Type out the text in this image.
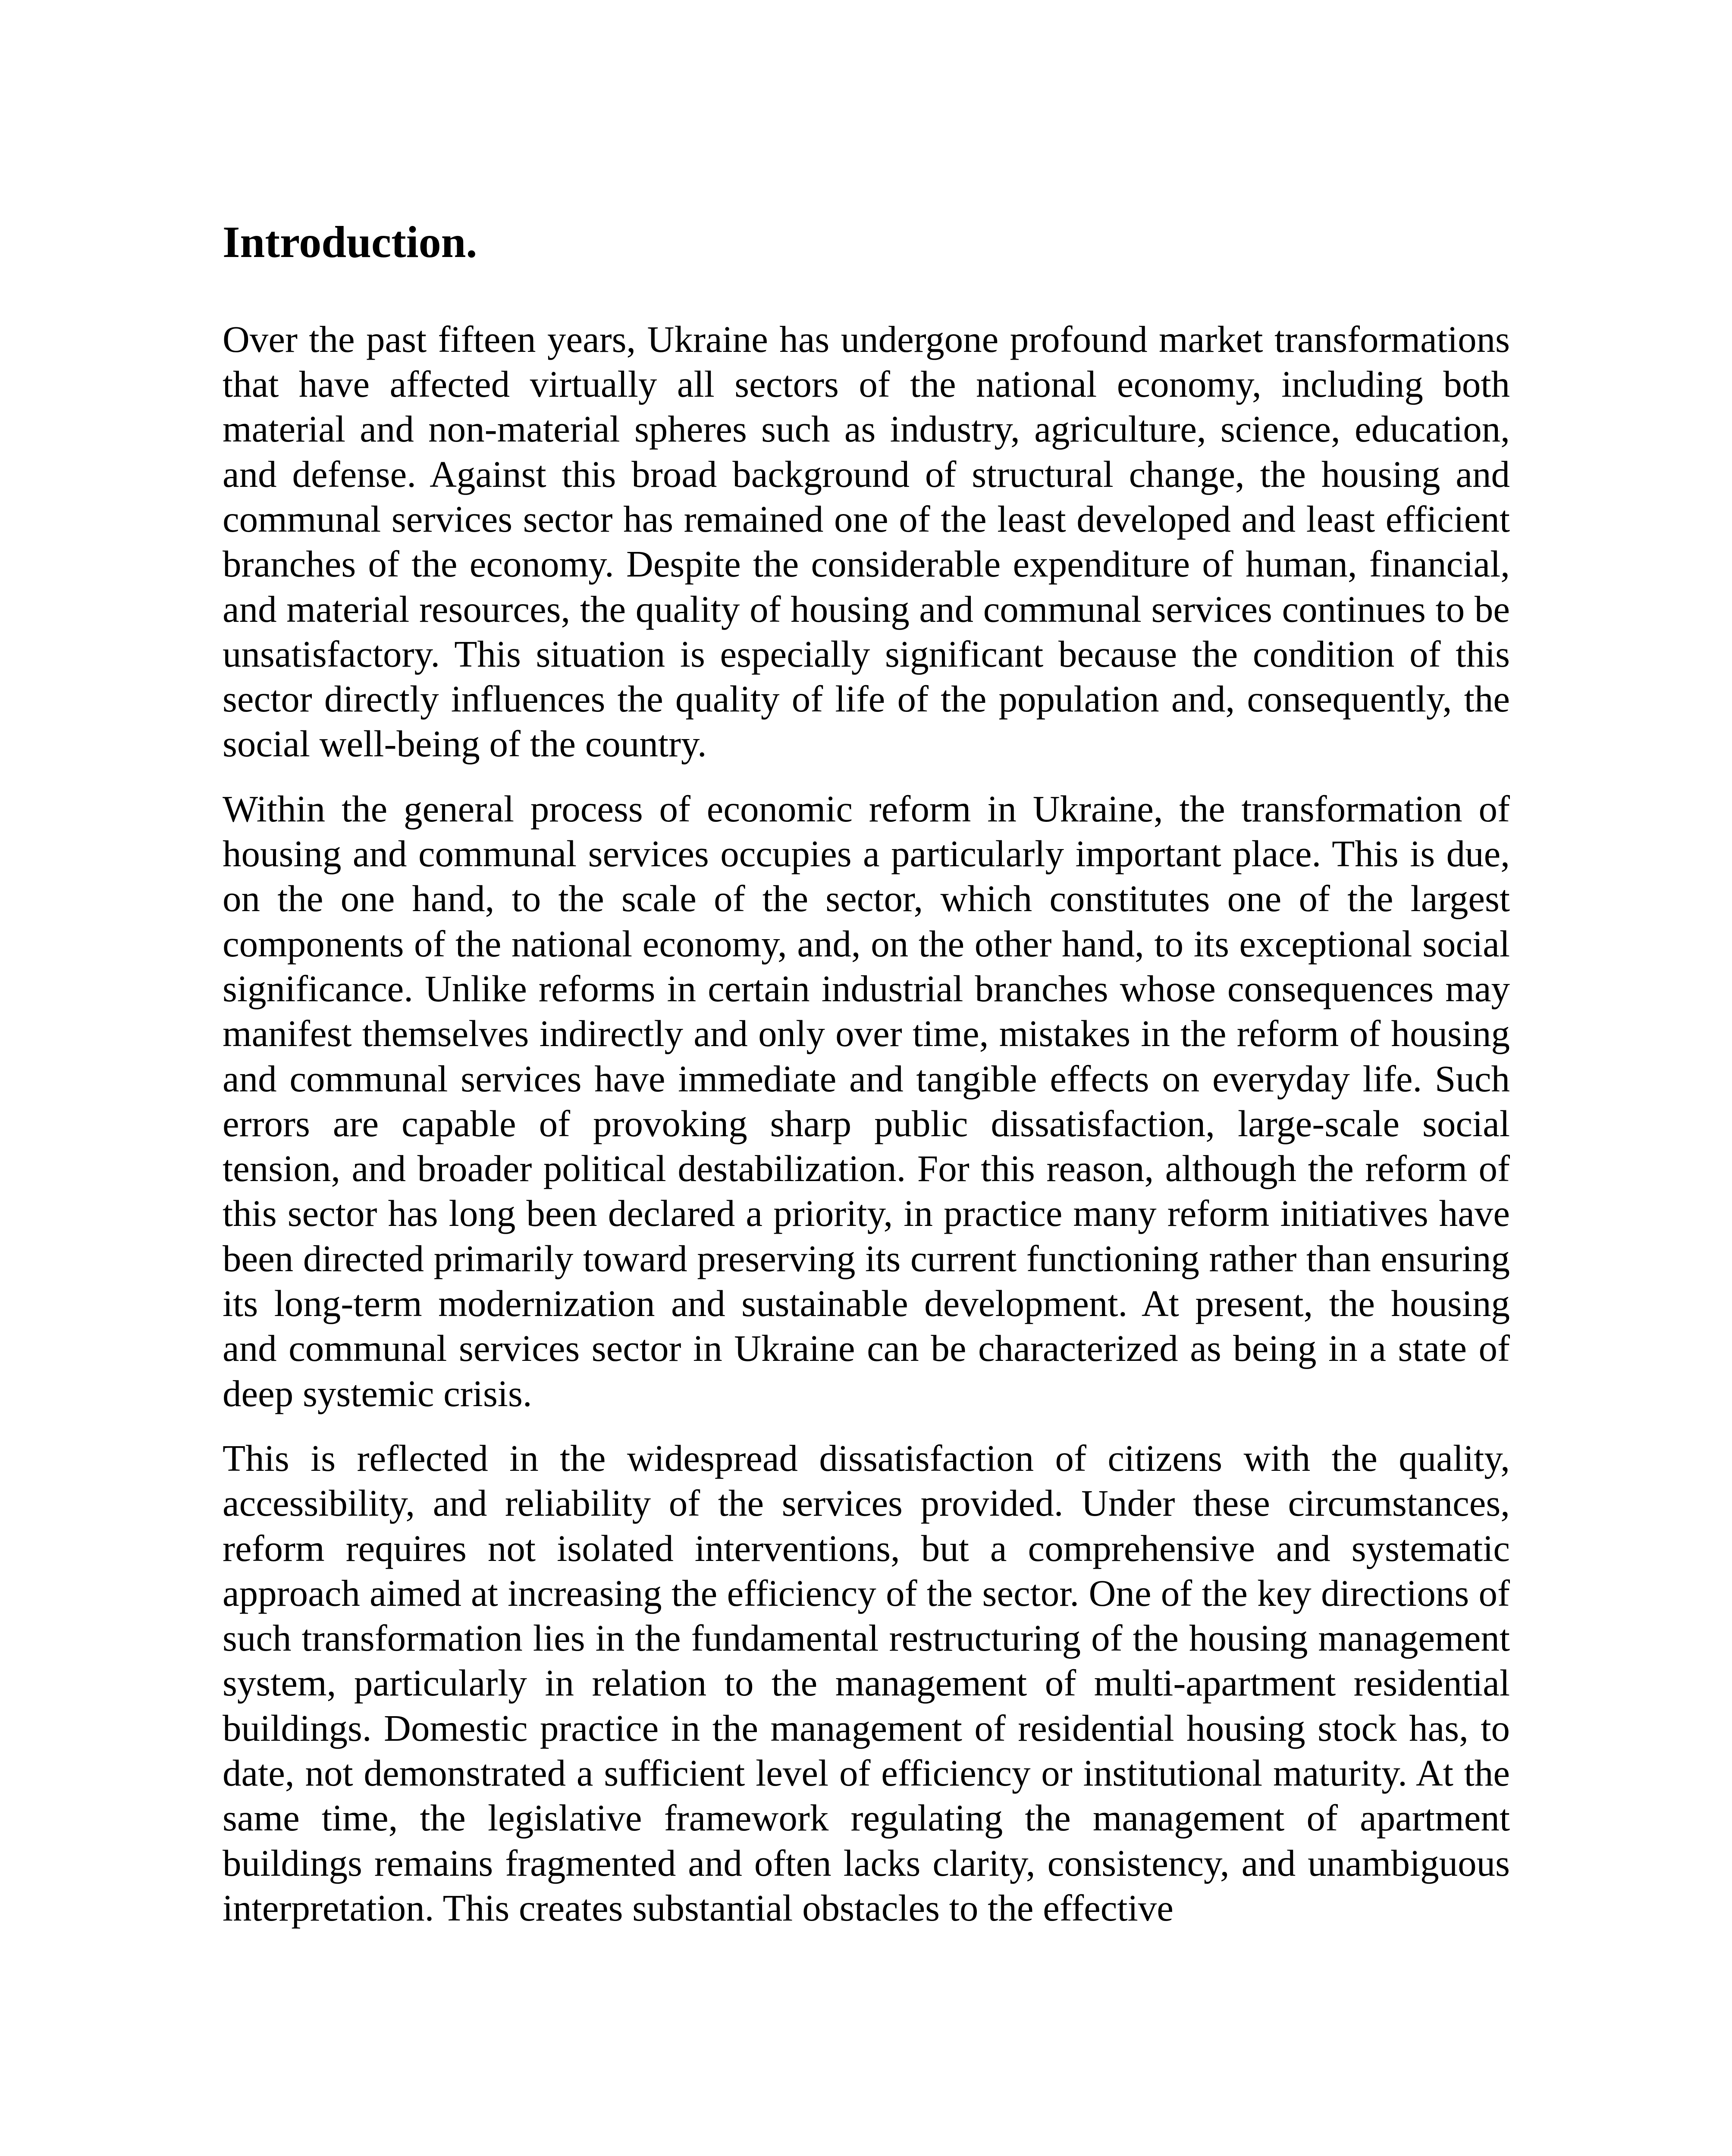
Introduction.

Over the past fifteen years, Ukraine has undergone profound market transformations that have affected virtually all sectors of the national economy, including both material and non-material spheres such as industry, agriculture, science, education, and defense. Against this broad background of structural change, the housing and communal services sector has remained one of the least developed and least efficient branches of the economy. Despite the considerable expenditure of human, financial, and material resources, the quality of housing and communal services continues to be unsatisfactory. This situation is especially significant because the condition of this sector directly influences the quality of life of the population and, consequently, the social well-being of the country.

Within the general process of economic reform in Ukraine, the transformation of housing and communal services occupies a particularly important place. This is due, on the one hand, to the scale of the sector, which constitutes one of the largest components of the national economy, and, on the other hand, to its exceptional social significance. Unlike reforms in certain industrial branches whose consequences may manifest themselves indirectly and only over time, mistakes in the reform of housing and communal services have immediate and tangible effects on everyday life. Such errors are capable of provoking sharp public dissatisfaction, large-scale social tension, and broader political destabilization. For this reason, although the reform of this sector has long been declared a priority, in practice many reform initiatives have been directed primarily toward preserving its current functioning rather than ensuring its long-term modernization and sustainable development. At present, the housing and communal services sector in Ukraine can be characterized as being in a state of deep systemic crisis.

This is reflected in the widespread dissatisfaction of citizens with the quality, accessibility, and reliability of the services provided. Under these circumstances, reform requires not isolated interventions, but a comprehensive and systematic approach aimed at increasing the efficiency of the sector. One of the key directions of such transformation lies in the fundamental restructuring of the housing management system, particularly in relation to the management of multi-apartment residential buildings. Domestic practice in the management of residential housing stock has, to date, not demonstrated a sufficient level of efficiency or institutional maturity. At the same time, the legislative framework regulating the management of apartment buildings remains fragmented and often lacks clarity, consistency, and unambiguous interpretation. This creates substantial obstacles to the effective
